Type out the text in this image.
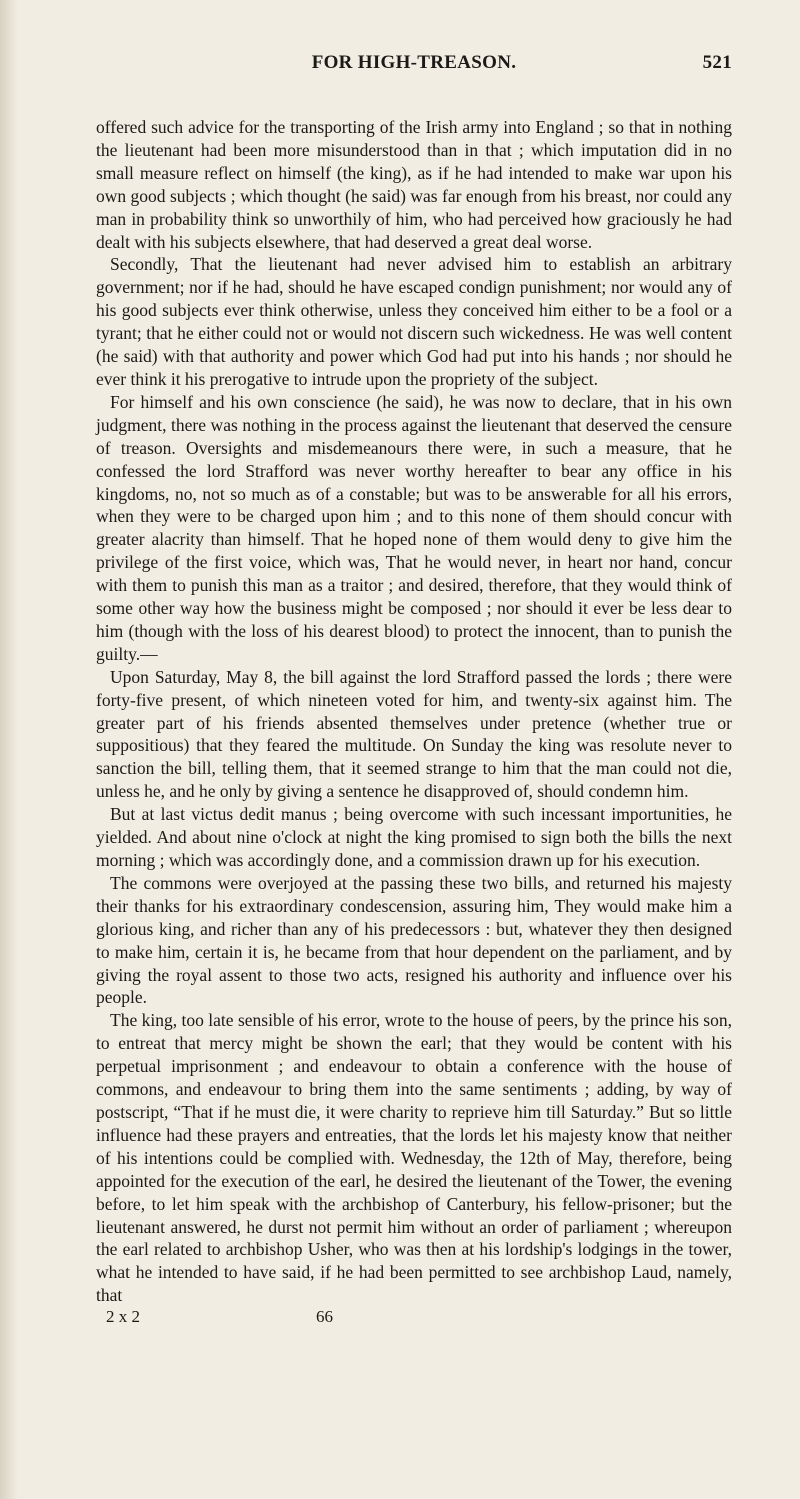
FOR HIGH-TREASON.	521

offered such advice for the transporting of the Irish army into England ; so that in nothing the lieutenant had been more misunderstood than in that ; which imputation did in no small measure reflect on himself (the king), as if he had intended to make war upon his own good subjects ; which thought (he said) was far enough from his breast, nor could any man in probability think so unworthily of him, who had perceived how graciously he had dealt with his subjects elsewhere, that had deserved a great deal worse.

Secondly, That the lieutenant had never advised him to establish an arbitrary government; nor if he had, should he have escaped condign punishment; nor would any of his good subjects ever think otherwise, unless they conceived him either to be a fool or a tyrant; that he either could not or would not discern such wickedness. He was well content (he said) with that authority and power which God had put into his hands ; nor should he ever think it his prerogative to intrude upon the propriety of the subject.

For himself and his own conscience (he said), he was now to declare, that in his own judgment, there was nothing in the process against the lieutenant that deserved the censure of treason. Oversights and misdemeanours there were, in such a measure, that he confessed the lord Strafford was never worthy hereafter to bear any office in his kingdoms, no, not so much as of a constable; but was to be answerable for all his errors, when they were to be charged upon him ; and to this none of them should concur with greater alacrity than himself. That he hoped none of them would deny to give him the privilege of the first voice, which was, That he would never, in heart nor hand, concur with them to punish this man as a traitor ; and desired, therefore, that they would think of some other way how the business might be composed ; nor should it ever be less dear to him (though with the loss of his dearest blood) to protect the innocent, than to punish the guilty.—

Upon Saturday, May 8, the bill against the lord Strafford passed the lords ; there were forty-five present, of which nineteen voted for him, and twenty-six against him. The greater part of his friends absented themselves under pretence (whether true or suppositious) that they feared the multitude. On Sunday the king was resolute never to sanction the bill, telling them, that it seemed strange to him that the man could not die, unless he, and he only by giving a sentence he disapproved of, should condemn him.

But at last victus dedit manus ; being overcome with such incessant importunities, he yielded. And about nine o'clock at night the king promised to sign both the bills the next morning ; which was accordingly done, and a commission drawn up for his execution.

The commons were overjoyed at the passing these two bills, and returned his majesty their thanks for his extraordinary condescension, assuring him, They would make him a glorious king, and richer than any of his predecessors : but, whatever they then designed to make him, certain it is, he became from that hour dependent on the parliament, and by giving the royal assent to those two acts, resigned his authority and influence over his people.

The king, too late sensible of his error, wrote to the house of peers, by the prince his son, to entreat that mercy might be shown the earl; that they would be content with his perpetual imprisonment ; and endeavour to obtain a conference with the house of commons, and endeavour to bring them into the same sentiments ; adding, by way of postscript, “That if he must die, it were charity to reprieve him till Saturday.” But so little influence had these prayers and entreaties, that the lords let his majesty know that neither of his intentions could be complied with. Wednesday, the 12th of May, therefore, being appointed for the execution of the earl, he desired the lieutenant of the Tower, the evening before, to let him speak with the archbishop of Canterbury, his fellow-prisoner; but the lieutenant answered, he durst not permit him without an order of parliament ; whereupon the earl related to archbishop Usher, who was then at his lordship's lodgings in the tower, what he intended to have said, if he had been permitted to see archbishop Laud, namely, that

2 x 2	66
